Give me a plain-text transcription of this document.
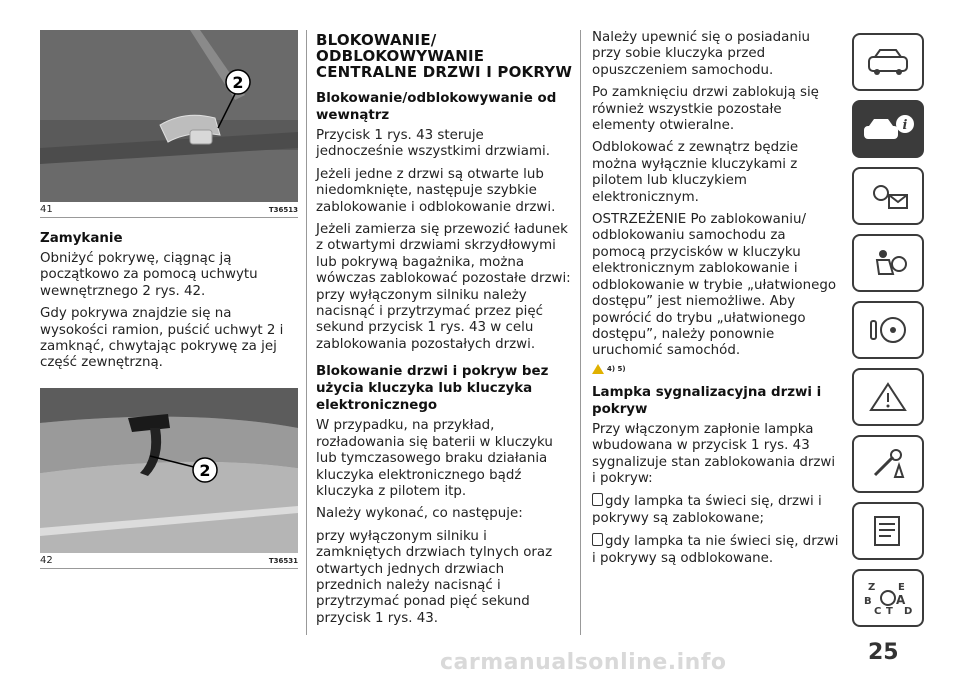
2
41	T36513
Zamykanie

Obniżyć pokrywę, ciągnąc ją początkowo za pomocą uchwytu wewnętrznego 2 rys. 42.

Gdy pokrywa znajdzie się na wysokości ramion, puścić uchwyt 2 i zamknąć, chwytając pokrywę za jej część zewnętrzną.

2
42	T36531
BLOKOWANIE/ ODBLOKOWYWANIE CENTRALNE DRZWI I POKRYW
Blokowanie/odblokowywanie od wewnątrz

Przycisk 1 rys. 43 steruje jednocześnie wszystkimi drzwiami.

Jeżeli jedne z drzwi są otwarte lub niedomknięte, następuje szybkie zablokowanie i odblokowanie drzwi.

Jeżeli zamierza się przewozić ładunek z otwartymi drzwiami skrzydłowymi lub pokrywą bagażnika, można wówczas zablokować pozostałe drzwi: przy wyłączonym silniku należy nacisnąć i przytrzymać przez pięć sekund przycisk 1 rys. 43 w celu zablokowania pozostałych drzwi.

Blokowanie drzwi i pokryw bez użycia kluczyka lub kluczyka elektronicznego

W przypadku, na przykład, rozładowania się baterii w kluczyku lub tymczasowego braku działania kluczyka elektronicznego bądź kluczyka z pilotem itp.

Należy wykonać, co następuje:

przy wyłączonym silniku i zamkniętych drzwiach tylnych oraz otwartych jednych drzwiach przednich należy nacisnąć i przytrzymać ponad pięć sekund przycisk 1 rys. 43.

Należy upewnić się o posiadaniu przy sobie kluczyka przed opuszczeniem samochodu.

Po zamknięciu drzwi zablokują się również wszystkie pozostałe elementy otwieralne.

Odblokować z zewnątrz będzie można wyłącznie kluczykami z pilotem lub kluczykiem elektronicznym.

OSTRZEŻENIE Po zablokowaniu/ odblokowaniu samochodu za pomocą przycisków w kluczyku elektronicznym zablokowanie i odblokowanie w trybie „ułatwionego dostępu” jest niemożliwe. Aby powrócić do trybu „ułatwionego dostępu”, należy ponownie uruchomić samochód.

4) 5)
Lampka sygnalizacyjna drzwi i pokryw

Przy włączonym zapłonie lampka wbudowana w przycisk 1 rys. 43 sygnalizuje stan zablokowania drzwi i pokryw:

gdy lampka ta świeci się, drzwi i pokrywy są zablokowane;

gdy lampka ta nie świeci się, drzwi i pokrywy są odblokowane.

i
Z E
B A
C T D
25
carmanualsonline.info
